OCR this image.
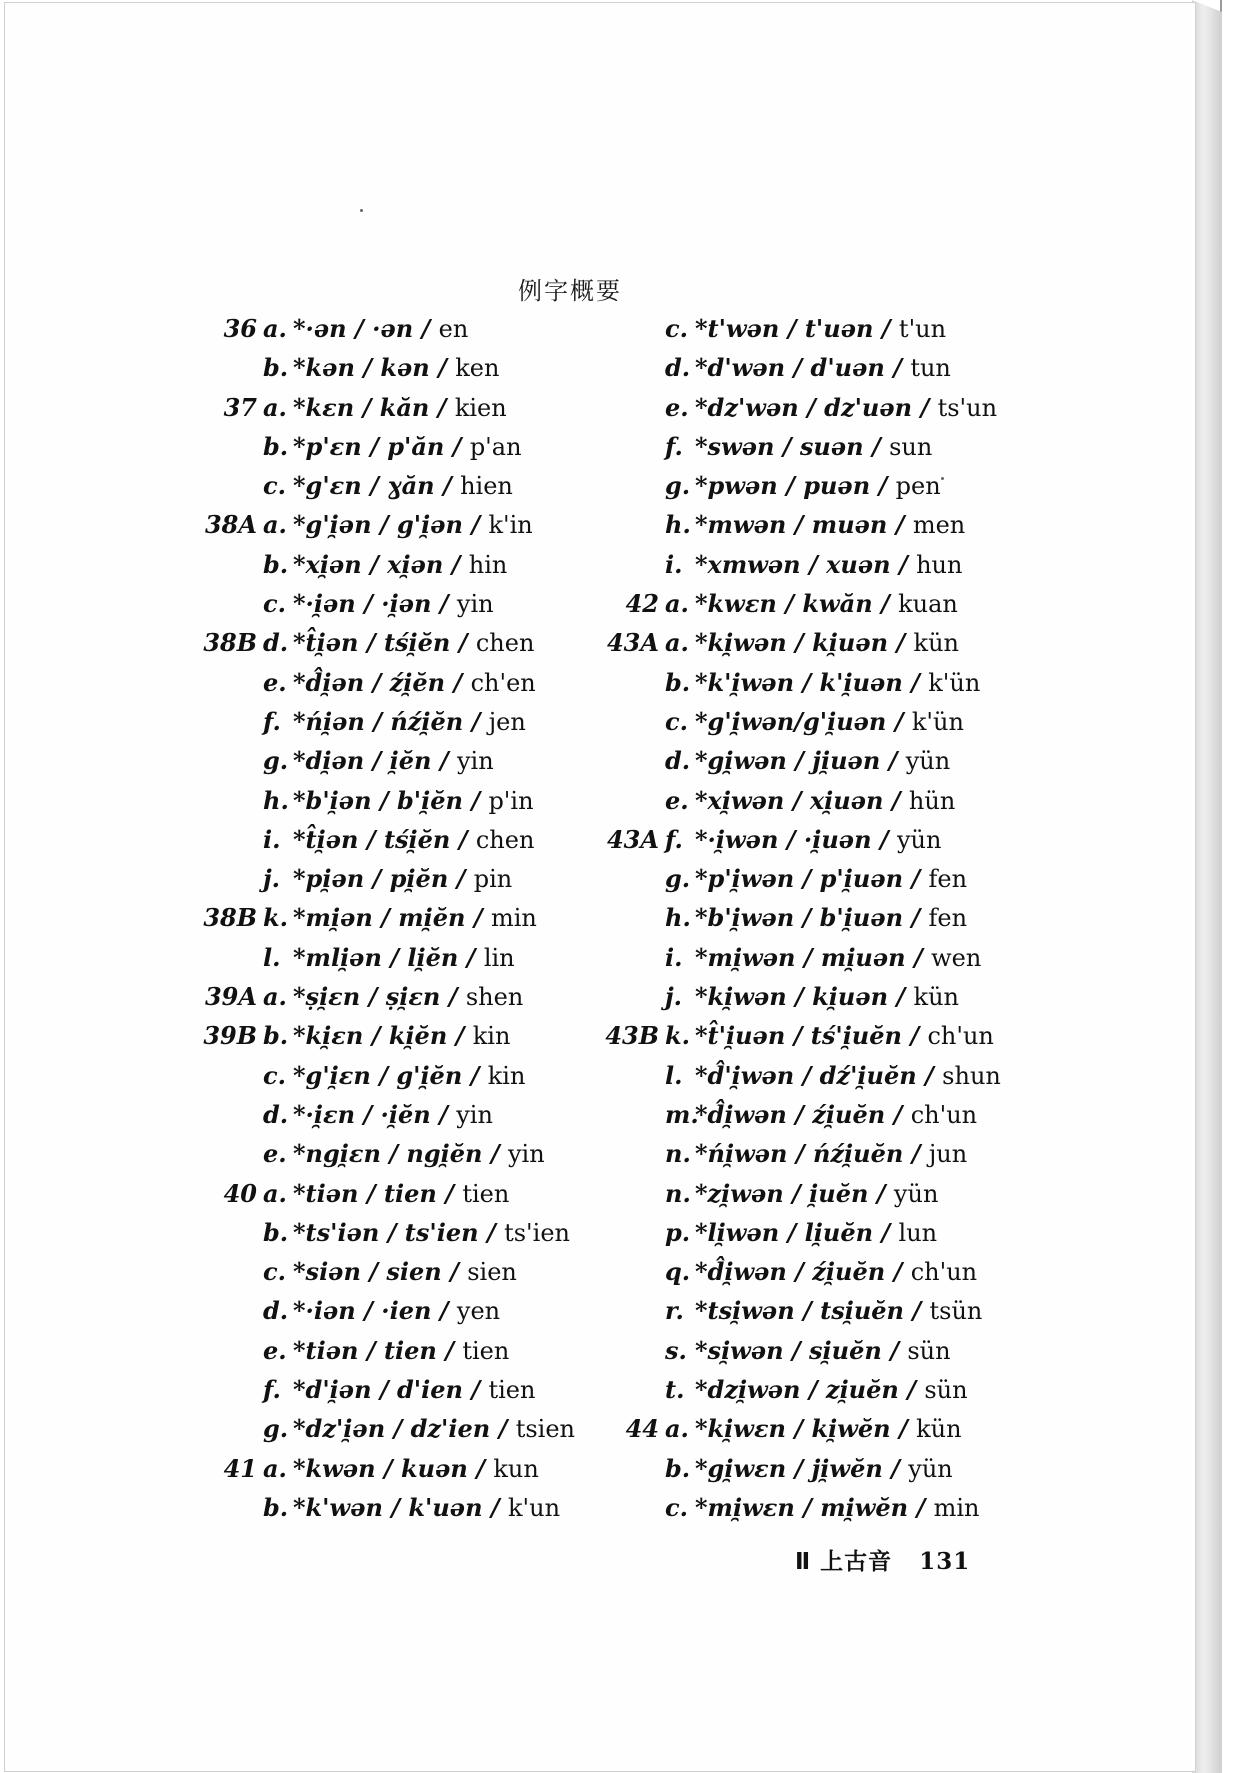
例字概要
36 a. *·ən / ·ən / en
b. *kən / kən / ken
37 a. *kɛn / kăn / kien
b. *p'ɛn / p'ăn / p'an
c. *g'ɛn / ɣăn / hien
38A a. *g'i̯ən / g'i̯ən / k'in
b. *xi̯ən / xi̯ən / hin
c. *·i̯ən / ·i̯ən / yin
38B d. *t̂i̯ən / tśi̯ĕn / chen
e. *d̂i̯ən / źi̯ĕn / ch'en
f. *ńi̯ən / ńźi̯ĕn / jen
g. *di̯ən / i̯ĕn / yin
h. *b'i̯ən / b'i̯ĕn / p'in
i. *t̂i̯ən / tśi̯ĕn / chen
j. *pi̯ən / pi̯ĕn / pin
38B k. *mi̯ən / mi̯ĕn / min
l. *mli̯ən / li̯ĕn / lin
39A a. *ṣi̯ɛn / ṣi̯ɛn / shen
39B b. *ki̯ɛn / ki̯ĕn / kin
c. *g'i̯ɛn / g'i̯ĕn / kin
d. *·i̯ɛn / ·i̯ĕn / yin
e. *ngi̯ɛn / ngi̯ĕn / yin
40 a. *tiən / tien / tien
b. *ts'iən / ts'ien / ts'ien
c. *siən / sien / sien
d. *·iən / ·ien / yen
e. *tiən / tien / tien
f. *d'i̯ən / d'ien / tien
g. *dz'i̯ən / dz'ien / tsien
41 a. *kwən / kuən / kun
b. *k'wən / k'uən / k'un
c. *t'wən / t'uən / t'un
d. *d'wən / d'uən / tun
e. *dz'wən / dz'uən / ts'un
f. *swən / suən / sun
g. *pwən / puən / pen
h. *mwən / muən / men
i. *xmwən / xuən / hun
42 a. *kwɛn / kwăn / kuan
43A a. *ki̯wən / ki̯uən / kün
b. *k'i̯wən / k'i̯uən / k'ün
c. *g'i̯wən/g'i̯uən / k'ün
d. *gi̯wən / ji̯uən / yün
e. *xi̯wən / xi̯uən / hün
43A f. *·i̯wən / ·i̯uən / yün
g. *p'i̯wən / p'i̯uən / fen
h. *b'i̯wən / b'i̯uən / fen
i. *mi̯wən / mi̯uən / wen
j. *ki̯wən / ki̯uən / kün
43B k. *t̂'i̯uən / tś'i̯uĕn / ch'un
l. *d̂'i̯wən / dź'i̯uĕn / shun
m.*d̂i̯wən / źi̯uĕn / ch'un
n. *ńi̯wən / ńźi̯uĕn / jun
n. *zi̯wən / i̯uĕn / yün
p. *li̯wən / li̯uĕn / lun
q. *d̂i̯wən / źi̯uĕn / ch'un
r. *tsi̯wən / tsi̯uĕn / tsün
s. *si̯wən / si̯uĕn / sün
t. *dzi̯wən / zi̯uĕn / sün
44 a. *ki̯wɛn / ki̯wĕn / kün
b. *gi̯wɛn / ji̯wĕn / yün
c. *mi̯wɛn / mi̯wĕn / min
Ⅱ 上古音 131
